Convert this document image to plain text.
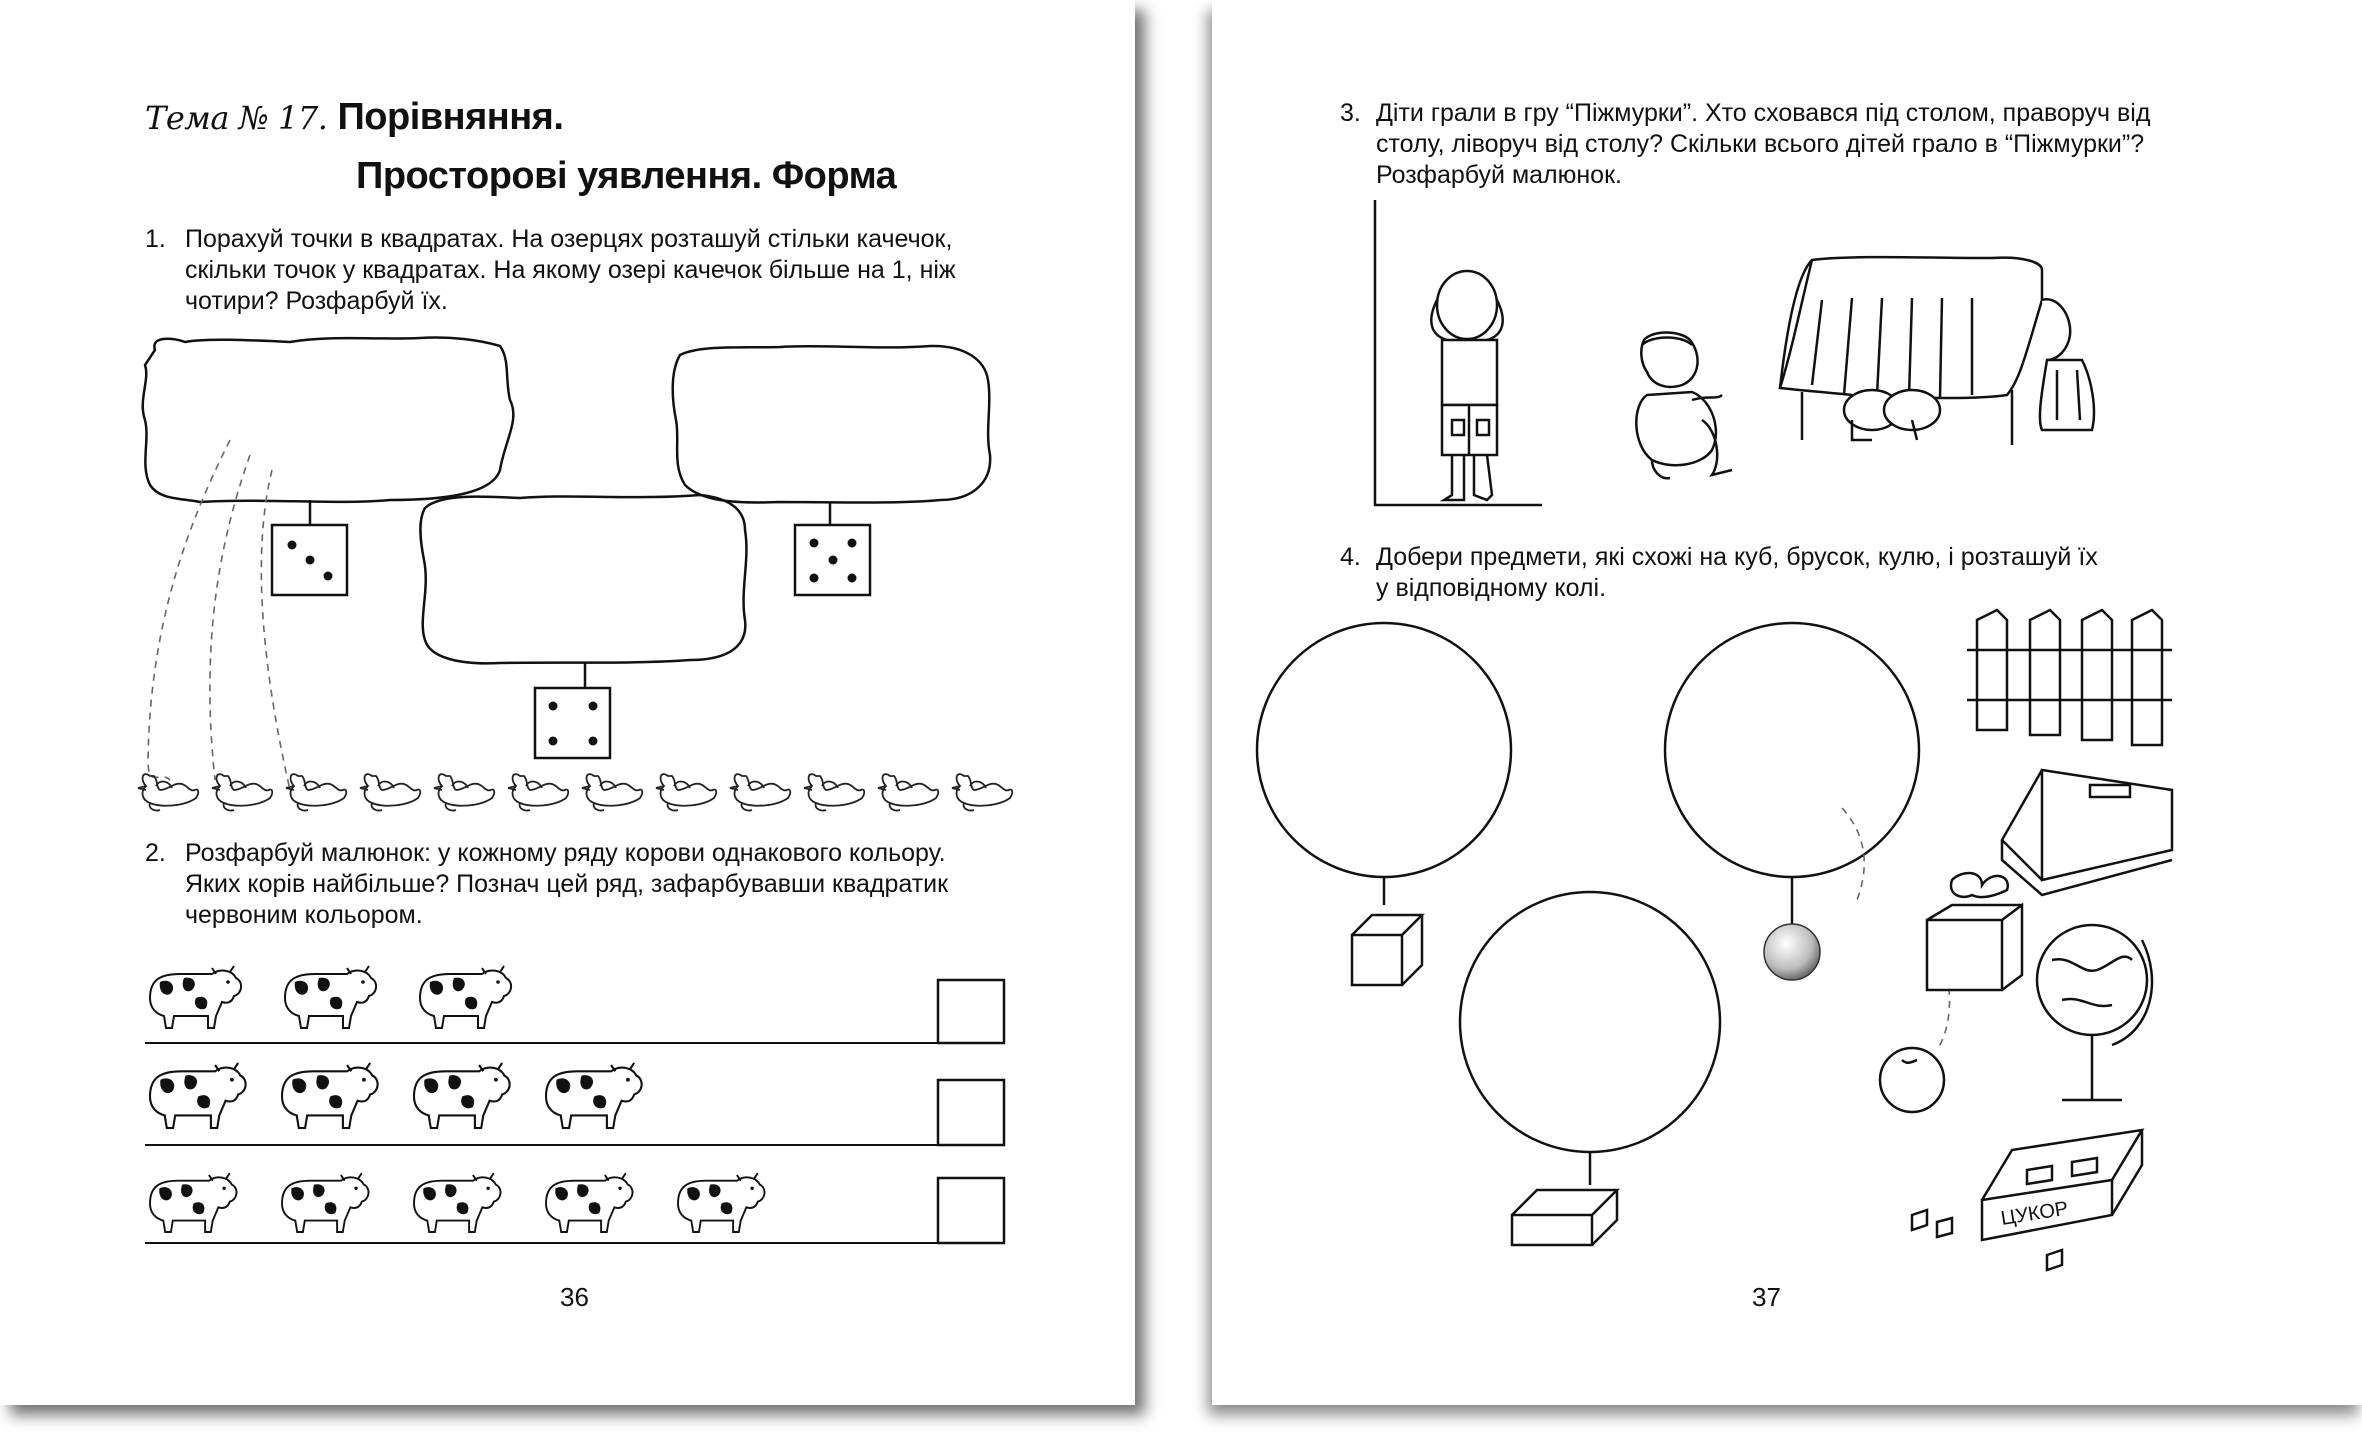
Тема № 17. Порівняння.
Просторові уявлення. Форма
1. Порахуй точки в квадратах. На озерцях розташуй стільки качечок,
скільки точок у квадратах. На якому озері качечок більше на 1, ніж
чотири? Розфарбуй їх.
2. Розфарбуй малюнок: у кожному ряду корови однакового кольору.
Яких корів найбільше? Познач цей ряд, зафарбувавши квадратик
червоним кольором.
36
3. Діти грали в гру “Піжмурки”. Хто сховався під столом, праворуч від
столу, ліворуч від столу? Скільки всього дітей грало в “Піжмурки”?
Розфарбуй малюнок.
4. Добери предмети, які схожі на куб, брусок, кулю, і розташуй їх
у відповідному колі.
ЦУКОР
37
